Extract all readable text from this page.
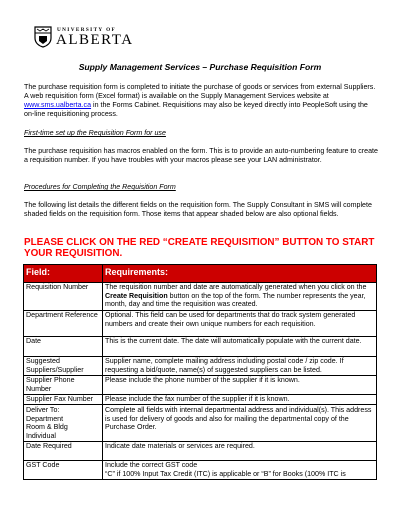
UNIVERSITY OF
ALBERTA
Supply Management Services – Purchase Requisition Form

The purchase requisition form is completed to initiate the purchase of goods or services from external Suppliers. A web requisition form (Excel format) is available on the Supply Management Services website at www.sms.ualberta.ca in the Forms Cabinet. Requisitions may also be keyed directly into PeopleSoft using the on-line requisitioning process.

First-time set up the Requisition Form for use

The purchase requisition has macros enabled on the form. This is to provide an auto-numbering feature to create a requisition number. If you have troubles with your macros please see your LAN administrator.

Procedures for Completing the Requisition Form

The following list details the different fields on the requisition form. The Supply Consultant in SMS will complete shaded fields on the requisition form. Those items that appear shaded below are also optional fields.

PLEASE CLICK ON THE RED “CREATE REQUISITION” BUTTON TO START YOUR REQUISITION.

Field:	Requirements:
Requisition Number	The requisition number and date are automatically generated when you click on the Create Requisition button on the top of the form. The number represents the year, month, day and time the requisition was created.
Department Reference	Optional. This field can be used for departments that do track system generated numbers and create their own unique numbers for each requisition.
Date	This is the current date. The date will automatically populate with the current date.
Suggested Suppliers/Supplier	Supplier name, complete mailing address including postal code / zip code. If requesting a bid/quote, name(s) of suggested suppliers can be listed.
Supplier Phone Number	Please include the phone number of the supplier if it is known.
Supplier Fax Number	Please include the fax number of the supplier if it is known.
Deliver To:
Department
Room & Bldg
Individual	Complete all fields with internal departmental address and individual(s). This address is used for delivery of goods and also for mailing the departmental copy of the Purchase Order.
Date Required	Indicate date materials or services are required.
GST Code	Include the correct GST code
“C” if 100% Input Tax Credit (ITC) is applicable or “B” for Books (100% ITC is
